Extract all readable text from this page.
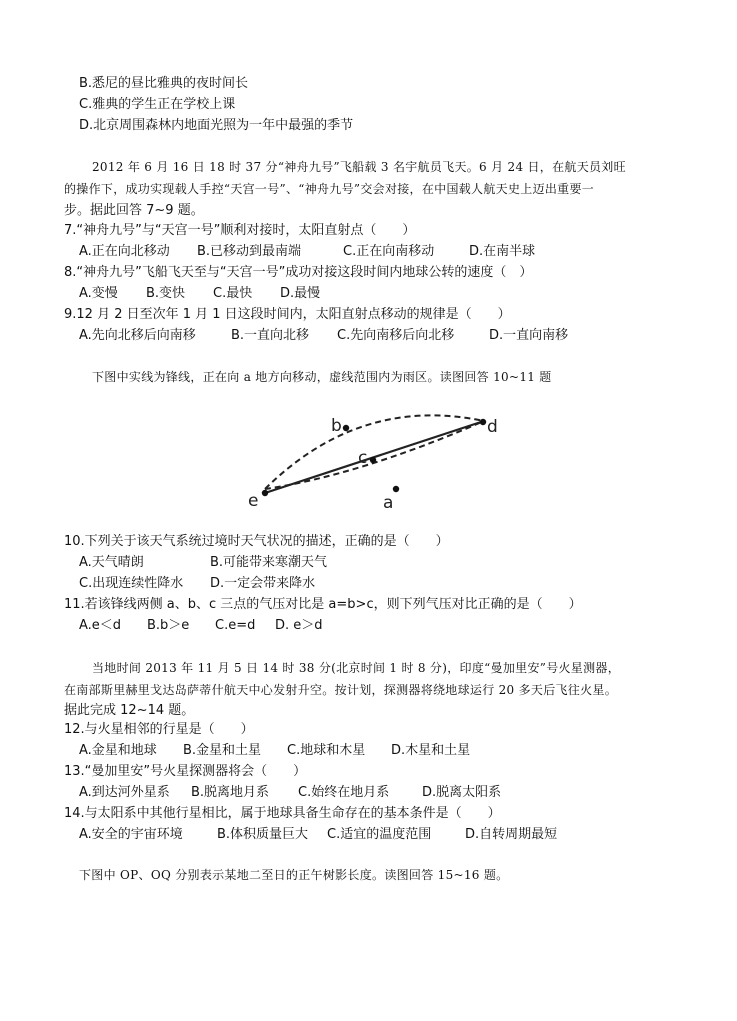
B.悉尼的昼比雅典的夜时间长
C.雅典的学生正在学校上课
D.北京周围森林内地面光照为一年中最强的季节
2012 年 6 月 16 日 18 时 37 分“神舟九号”飞船载 3 名宇航员飞天。6 月 24 日，在航天员刘旺
的操作下，成功实现载人手控“天宫一号”、“神舟九号”交会对接，在中国载人航天史上迈出重要一
步。据此回答 7~9 题。
7.“神舟九号”与“天宫一号”顺利对接时，太阳直射点（　　）
A.正在向北移动 B.已移动到最南端	C.正在向南移动	D.在南半球
8.“神舟九号”飞船飞天至与“天宫一号”成功对接这段时间内地球公转的速度（　）
A.变慢 B.变快 C.最快 D.最慢
9.12 月 2 日至次年 1 月 1 日这段时间内，太阳直射点移动的规律是（　　）
A.先向北移后向南移	B.一直向北移 C.先向南移后向北移	D.一直向南移
下图中实线为锋线，正在向 a 地方向移动，虚线范围内为雨区。读图回答 10~11 题
b	d
c
e	a
10.下列关于该天气系统过境时天气状况的描述，正确的是（　　）
A.天气晴朗	B.可能带来寒潮天气
C.出现连续性降水 D.一定会带来降水
11.若该锋线两侧 a、b、c 三点的气压对比是 a=b>c，则下列气压对比正确的是（　　）
A.e＜d B.b＞e C.e=d D. e＞d
当地时间 2013 年 11 月 5 日 14 时 38 分(北京时间 1 时 8 分)，印度“曼加里安”号火星测器，
在南部斯里赫里戈达岛萨蒂什航天中心发射升空。按计划，探测器将绕地球运行 20 多天后飞往火星。
据此完成 12~14 题。
12.与火星相邻的行星是（　　）
A.金星和地球 B.金星和土星 C.地球和木星 D.木星和土星
13.“曼加里安”号火星探测器将会（　　）
A.到达河外星系 B.脱离地月系 C.始终在地月系	D.脱离太阳系
14.与太阳系中其他行星相比，属于地球具备生命存在的基本条件是（　　）
A.安全的宇宙环境	B.体积质量巨大 C.适宜的温度范围	D.自转周期最短
下图中 OP、OQ 分别表示某地二至日的正午树影长度。读图回答 15~16 题。
